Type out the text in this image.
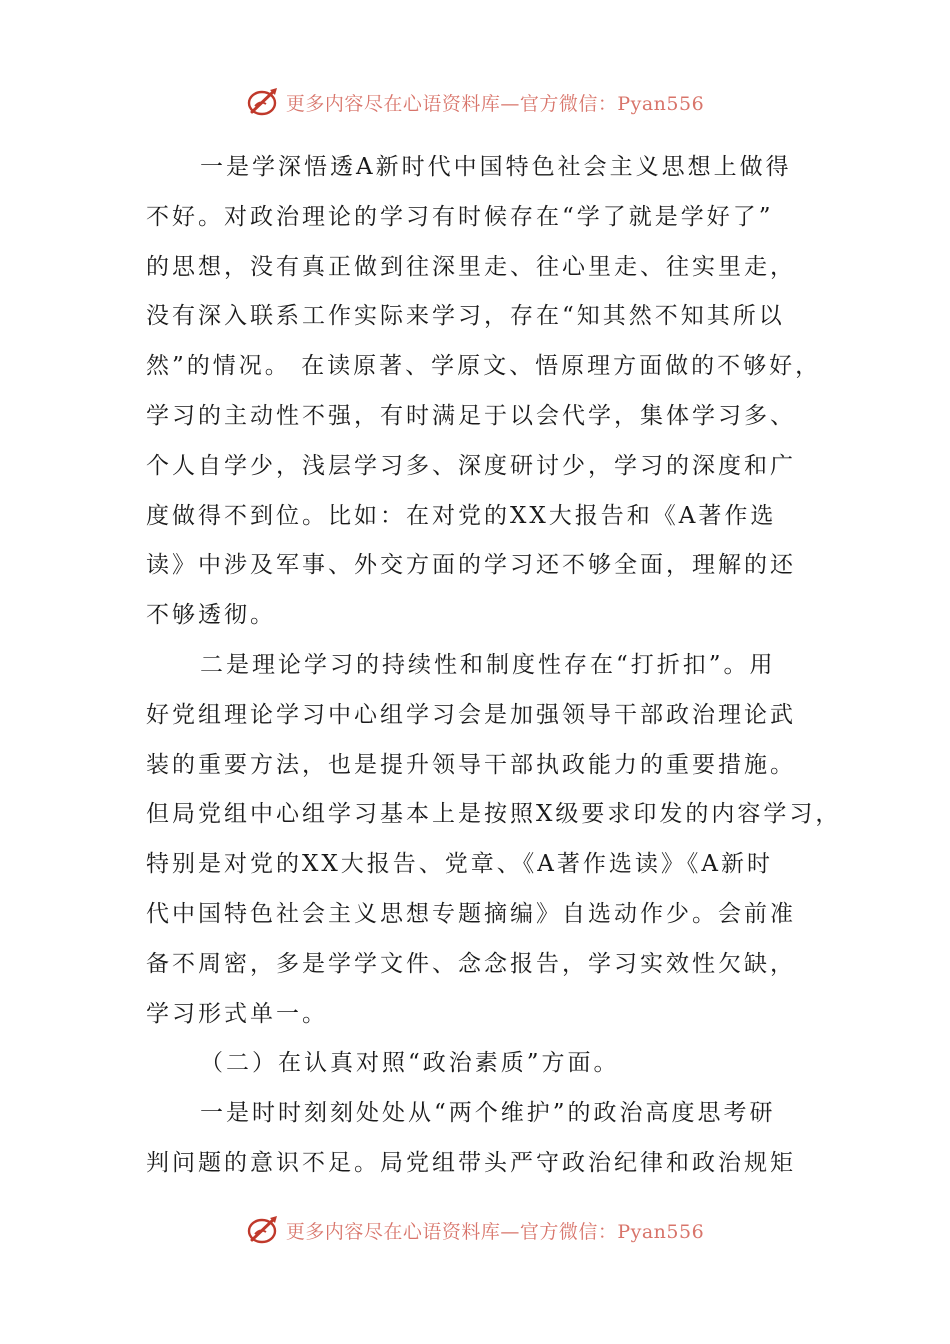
更多内容尽在心语资料库—官方微信：Pyan556
一是学深悟透A新时代中国特色社会主义思想上做得
不好。对政治理论的学习有时候存在“学了就是学好了”
的思想，没有真正做到往深里走、往心里走、往实里走，
没有深入联系工作实际来学习，存在“知其然不知其所以
然”的情况。 在读原著、学原文、悟原理方面做的不够好，
学习的主动性不强，有时满足于以会代学，集体学习多、
个人自学少，浅层学习多、深度研讨少，学习的深度和广
度做得不到位。比如：在对党的XX大报告和《A著作选
读》中涉及军事、外交方面的学习还不够全面，理解的还
不够透彻。
二是理论学习的持续性和制度性存在“打折扣”。用
好党组理论学习中心组学习会是加强领导干部政治理论武
装的重要方法，也是提升领导干部执政能力的重要措施。
但局党组中心组学习基本上是按照X级要求印发的内容学习，
特别是对党的XX大报告、党章、《A著作选读》《A新时
代中国特色社会主义思想专题摘编》自选动作少。会前准
备不周密，多是学学文件、念念报告，学习实效性欠缺，
学习形式单一。
（二）在认真对照“政治素质”方面。
一是时时刻刻处处从“两个维护”的政治高度思考研
判问题的意识不足。局党组带头严守政治纪律和政治规矩
更多内容尽在心语资料库—官方微信：Pyan556
